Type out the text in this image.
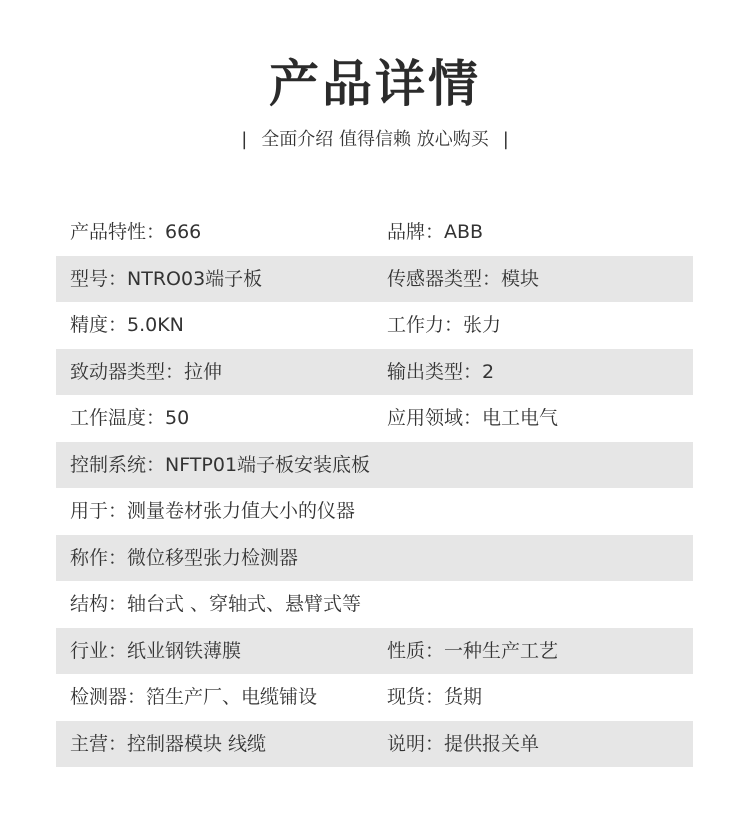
产品详情
| 全面介绍 值得信赖 放心购买 |
产品特性：666	品牌：ABB
型号：NTRO03端子板	传感器类型：模块
精度：5.0KN	工作力：张力
致动器类型：拉伸	输出类型：2
工作温度：50	应用领域：电工电气
控制系统：NFTP01端子板安装底板
用于：测量卷材张力值大小的仪器
称作：微位移型张力检测器
结构：轴台式 、穿轴式、悬臂式等
行业：纸业钢铁薄膜	性质：一种生产工艺
检测器：箔生产厂、电缆铺设	现货：货期
主营：控制器模块 线缆	说明：提供报关单
